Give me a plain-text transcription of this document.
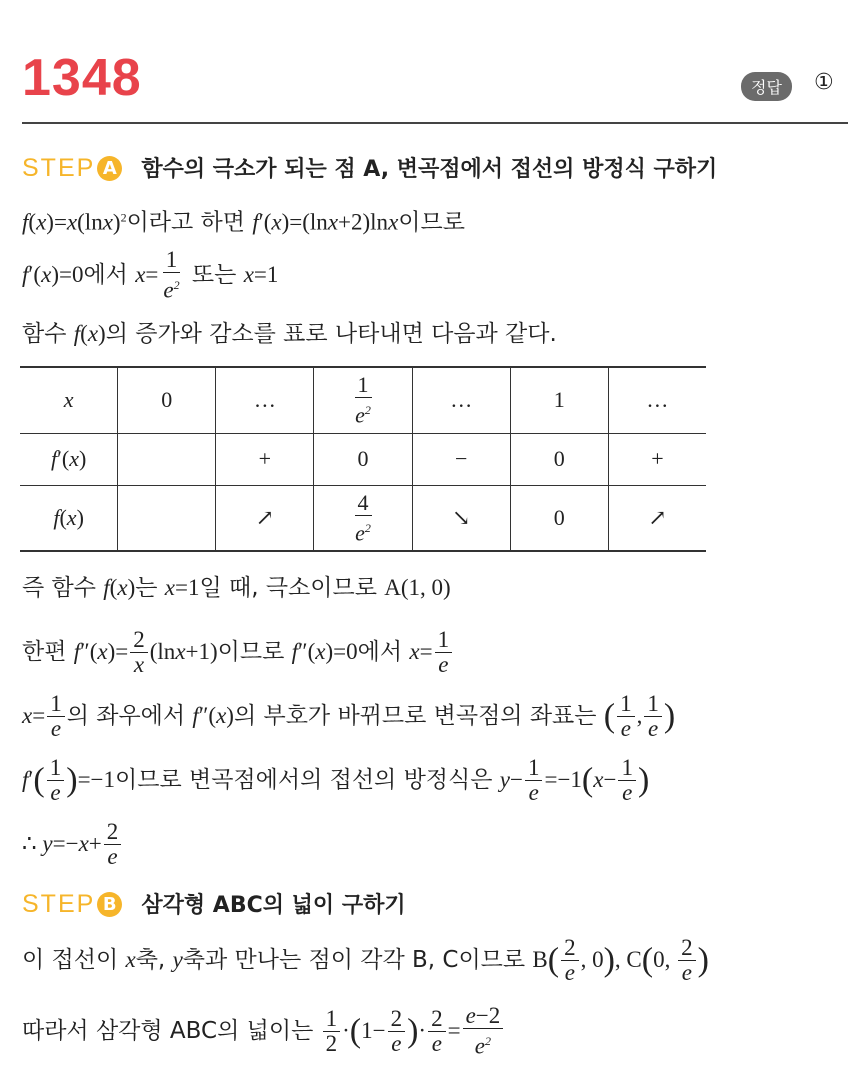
1348	정답	①
STEP A 함수의 극소가 되는 점 A, 변곡점에서 접선의 방정식 구하기
$f(x)=x(\ln x)^2$이라고 하면 f′(x)=(lnx+2)lnx이므로
f′(x)=0에서 $x= \frac{1}{e^2}$ 또는 x=1
함수 f(x)의 증가와 감소를 표로 나타내면 다음과 같다.
x	0	…	$\frac{1}{e^2}$	…	1	…
f′(x)		+	0	−	0	+
f(x)		↗	$\frac{4}{e^2}$	↘	0	↗
즉 함수 f(x)는 x=1일 때, 극소이므로 A(1, 0)
한편 $f''(x)= \frac{2}{x} (\ln x+1)$이므로 f″(x)=0에서 $x= \frac{1}{e}$
$x= \frac{1}{e}$ 의 좌우에서 f″(x)의 부호가 바뀌므로 변곡점의 좌표는 ( $\frac{1}{e}$ , $\frac{1}{e}$ )
$f'( \frac{1}{e} )=-1$이므로 변곡점에서의 접선의 방정식은 $y- \frac{1}{e} =-1(x- \frac{1}{e}$ )
∴ $y=-x+ \frac{2}{e}$
STEP B 삼각형 ABC의 넓이 구하기
이 접선이 x축, y축과 만나는 점이 각각 B, C이므로 $B( \frac{2}{e}$ , 0), C(0, $\frac{2}{e}$ )
따라서 삼각형 ABC의 넓이는 $\frac{1}{2} \cdot(1- \frac{2}{e}$ )· $\frac{2}{e} = \frac{e-2}{e^2}$
